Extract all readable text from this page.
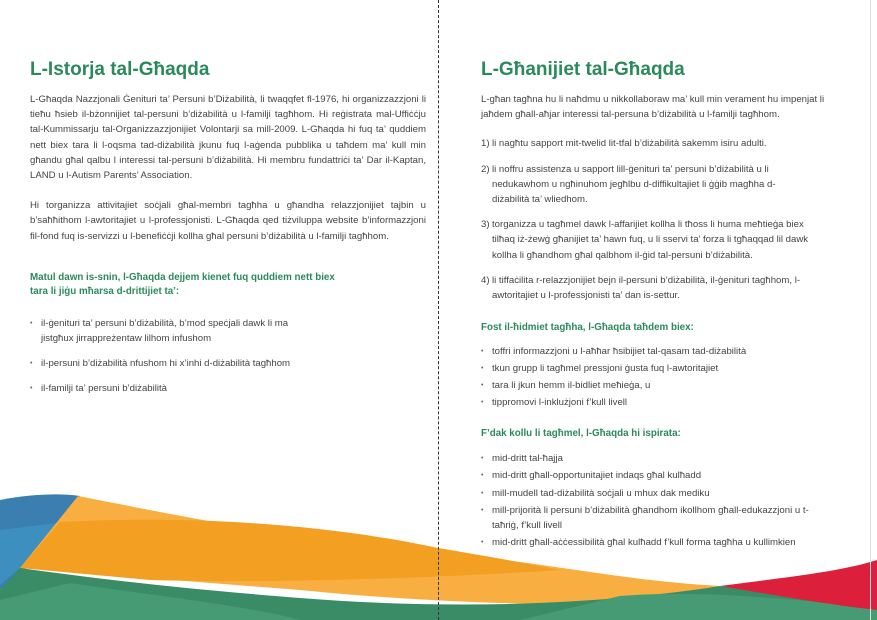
L-Istorja tal-Għaqda

L-Għaqda Nazzjonali Ġenituri ta’ Persuni b’Diżabilità, li twaqqfet fl-1976, hi organizzazzjoni li tieħu ħsieb il-bżonnijiet tal-persuni b’diżabilità u l-familji tagħhom. Hi reġistrata mal-Uffiċċju tal-Kummissarju tal-Organizzazzjonijiet Volontarji sa mill-2009. L-Għaqda hi fuq ta’ quddiem nett biex tara li l-oqsma tad-diżabilità jkunu fuq l-aġenda pubblika u taħdem ma’ kull min għandu għal qalbu l interessi tal-persuni b’diżabilità. Hi membru fundattriċi ta’ Dar il-Kaptan, LAND u l-Autism Parents’ Association.

Hi torganizza attivitajiet soċjali għal-membri tagħha u għandha relazzjonijiet tajbin u b’saħħithom l-awtoritajiet u l-professjonisti. L-Għaqda qed tiżviluppa website b’informazzjoni fil-fond fuq is-servizzi u l-benefiċċji kollha għal persuni b’diżabilità u l-familji tagħhom.

Matul dawn is-snin, l-Għaqda dejjem kienet fuq quddiem nett biex tara li jiġu mħarsa d-drittijiet ta’:
• il-ġenituri ta’ persuni b’diżabilità, b’mod speċjali dawk li ma jistgħux jirrappreżentaw lilhom infushom
• il-persuni b’diżabilità nfushom hi x’inhi d-diżabilità tagħhom
• il-familji ta’ persuni b’diżabilità
L-Għanijiet tal-Għaqda

L-għan tagħna hu li naħdmu u nikkollaboraw ma’ kull min verament hu impenjat li jaħdem għall-aħjar interessi tal-persuna b’diżabilità u l-familji tagħhom.

1) li nagħtu sapport mit-twelid lit-tfal b’diżabilità sakemm isiru adulti.
2) li noffru assistenza u sapport lill-ġenituri ta’ persuni b’diżabilità u li nedukawhom u ngħinuhom jegħlbu d-diffikultajiet li ġġib magħha d-diżabilità ta’ wliedhom.
3) torganizza u tagħmel dawk l-affarijiet kollha li tħoss li huma meħtieġa biex tilħaq iż-żewġ għanijiet ta’ hawn fuq, u li sservi ta’ forza li tgħaqqad lil dawk kollha li għandhom għal qalbhom il-ġid tal-persuni b’diżabilità.
4) li tiffaċilita r-relazzjonijiet bejn il-persuni b’diżabilità, il-ġenituri tagħhom, l-awtoritajiet u l-professjonisti ta’ dan is-settur.
Fost il-ħidmiet tagħha, l-Għaqda taħdem biex:
• toffri informazzjoni u l-aħħar ħsibijiet tal-qasam tad-diżabilità
• tkun grupp li tagħmel pressjoni ġusta fuq l-awtoritajiet
• tara li jkun hemm il-bidliet meħieġa, u
• tippromovi l-inklużjoni f’kull livell
F’dak kollu li tagħmel, l-Għaqda hi ispirata:
• mid-dritt tal-ħajja
• mid-dritt għall-opportunitajiet indaqs għal kulħadd
• mill-mudell tad-diżabilità soċjali u mhux dak mediku
• mill-prijorità li persuni b’diżabilità għandhom ikollhom għall-edukazzjoni u t-taħriġ, f’kull livell
• mid-dritt għall-aċċessibilità għal kulħadd f’kull forma tagħha u kullimkien
